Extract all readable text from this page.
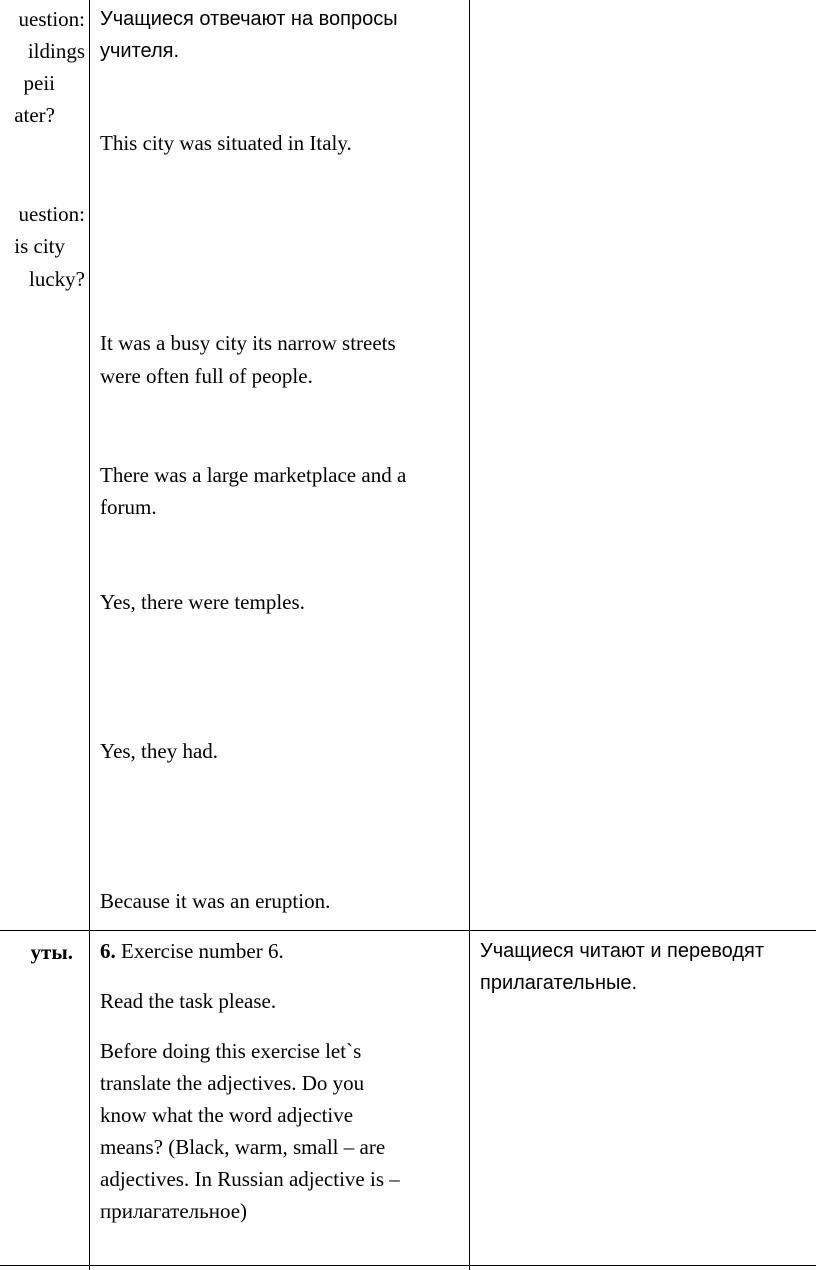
uestion:
ildings
peii
ater?
uestion:
is city
lucky?
уты.
Учащиеся отвечают на вопросы
учителя.
This city was situated in Italy.
It was a busy city its narrow streets
were often full of people.
There was a large marketplace and a
forum.
Yes, there were temples.
Yes, they had.
Because it was an eruption.
6. Exercise number 6.
Read the task please.
Before doing this exercise let`s
translate the adjectives. Do you
know what the word adjective
means? (Black, warm, small – are
adjectives. In Russian adjective is –
прилагательное)
Учащиеся читают и переводят
прилагательные.
